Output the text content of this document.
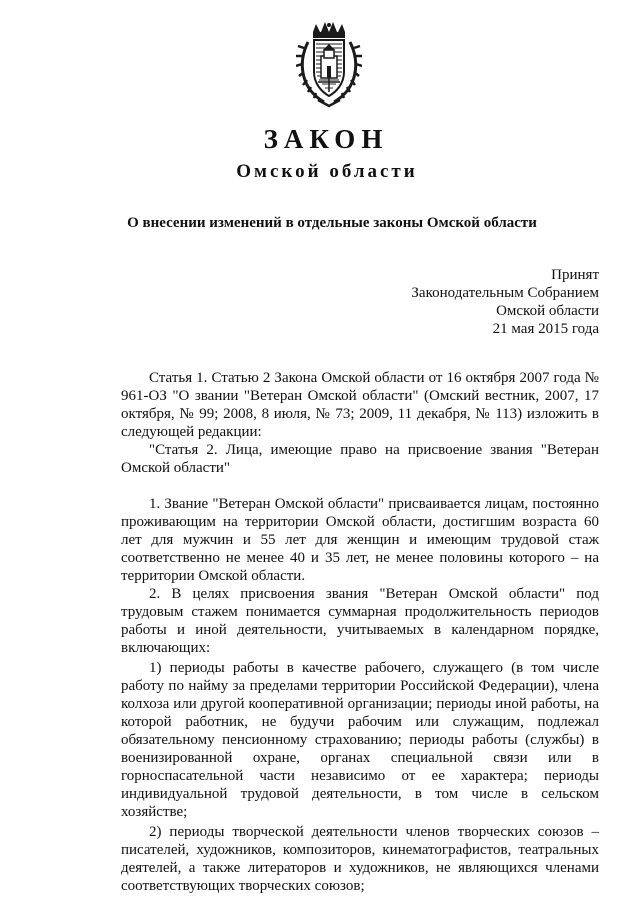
ЗАКОН
Омской области
О внесении изменений в отдельные законы Омской области
Принят
Законодательным Собранием
Омской области
21 мая 2015 года

Статья 1. Статью 2 Закона Омской области от 16 октября 2007 года № 961-ОЗ "О звании "Ветеран Омской области" (Омский вестник, 2007, 17 октября, № 99; 2008, 8 июля, № 73; 2009, 11 декабря, № 113) изложить в следующей редакции:

"Статья 2. Лица, имеющие право на присвоение звания "Ветеран Омской области"

1. Звание "Ветеран Омской области" присваивается лицам, постоянно проживающим на территории Омской области, достигшим возраста 60 лет для мужчин и 55 лет для женщин и имеющим трудовой стаж соответственно не менее 40 и 35 лет, не менее половины которого – на территории Омской области.

2. В целях присвоения звания "Ветеран Омской области" под трудовым стажем понимается суммарная продолжительность периодов работы и иной деятельности, учитываемых в календарном порядке, включающих:

1) периоды работы в качестве рабочего, служащего (в том числе работу по найму за пределами территории Российской Федерации), члена колхоза или другой кооперативной организации; периоды иной работы, на которой работник, не будучи рабочим или служащим, подлежал обязательному пенсионному страхованию; периоды работы (службы) в военизированной охране, органах специальной связи или в горноспасательной части независимо от ее характера; периоды индивидуальной трудовой деятельности, в том числе в сельском хозяйстве;

2) периоды творческой деятельности членов творческих союзов – писателей, художников, композиторов, кинематографистов, театральных деятелей, а также литераторов и художников, не являющихся членами соответствующих творческих союзов;
